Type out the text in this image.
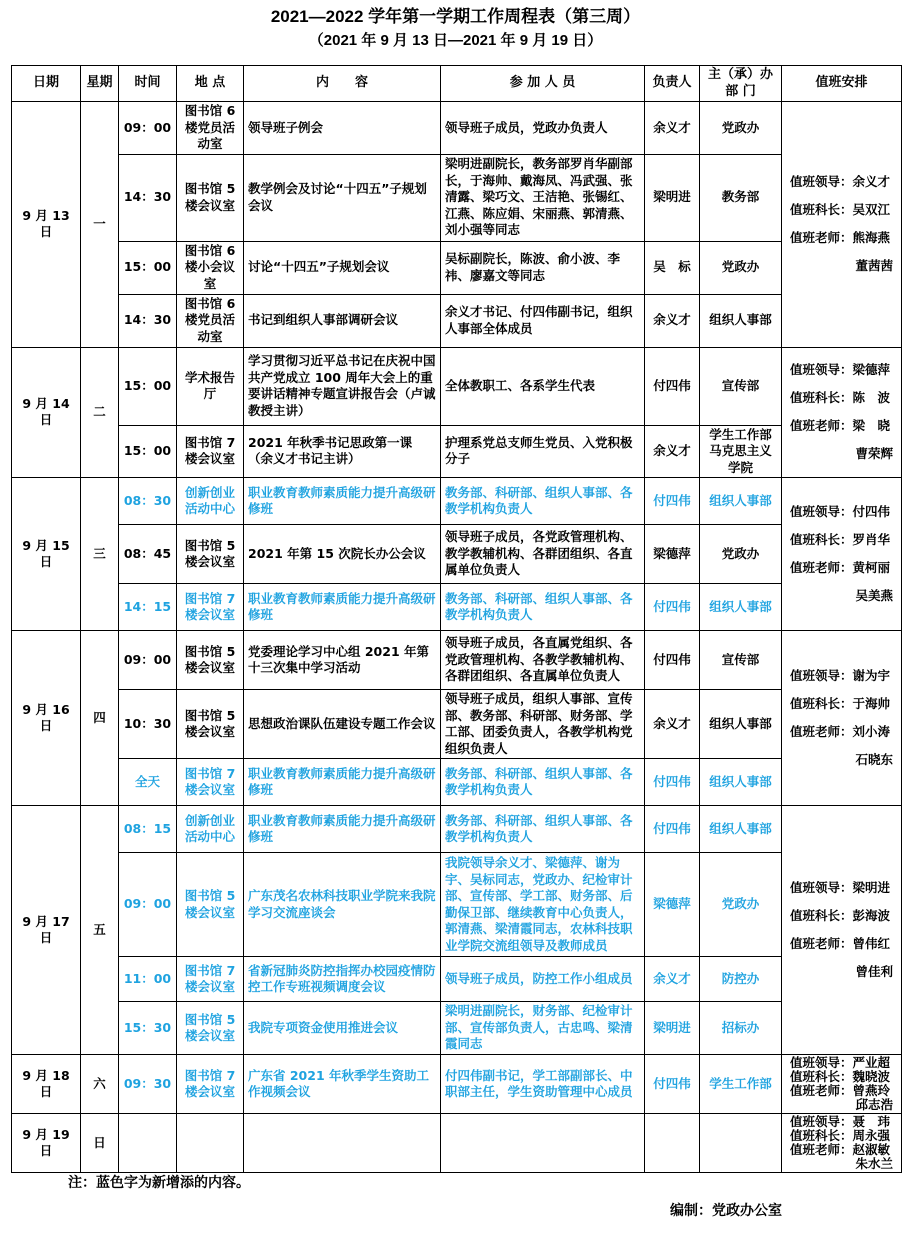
2021—2022 学年第一学期工作周程表（第三周）
（2021 年 9 月 13 日—2021 年 9 月 19 日）
日期	星期	时间	地 点	内　　容	参 加 人 员	负责人	主（承）办部 门	值班安排
9 月 13 日	一	09：00	图书馆 6 楼党员活动室	领导班子例会	领导班子成员，党政办负责人	余义才	党政办	值班领导：余义才
值班科长：吴双江
值班老师：熊海燕
董茜茜

		14：30	图书馆 5 楼会议室	教学例会及讨论“十四五”子规划会议	梁明进副院长，教务部罗肖华副部长，于海帅、戴海凤、冯武强、张清露、梁巧文、王洁艳、张锡红、江燕、陈应娟、宋丽燕、郭清燕、刘小强等同志	梁明进	教务部	
		15：00	图书馆 6 楼小会议室	讨论“十四五”子规划会议	吴标副院长，陈波、俞小波、李祎、廖嘉文等同志	吴　标	党政办	
		14：30	图书馆 6 楼党员活动室	书记到组织人事部调研会议	余义才书记、付四伟副书记，组织人事部全体成员	余义才	组织人事部	
9 月 14 日	二	15：00	学术报告厅	学习贯彻习近平总书记在庆祝中国共产党成立 100 周年大会上的重要讲话精神专题宣讲报告会（卢诚教授主讲）	全体教职工、各系学生代表	付四伟	宣传部	值班领导：梁德萍
值班科长：陈　波
值班老师：梁　晓
曹荣辉

		15：00	图书馆 7 楼会议室	2021 年秋季书记思政第一课（余义才书记主讲）	护理系党总支师生党员、入党积极分子	余义才	学生工作部 马克思主义学院	
9 月 15 日	三	08：30	创新创业活动中心	职业教育教师素质能力提升高级研修班	教务部、科研部、组织人事部、各教学机构负责人	付四伟	组织人事部	值班领导：付四伟
值班科长：罗肖华
值班老师：黄柯丽
吴美燕

		08：45	图书馆 5 楼会议室	2021 年第 15 次院长办公会议	领导班子成员，各党政管理机构、教学教辅机构、各群团组织、各直属单位负责人	梁德萍	党政办	
		14：15	图书馆 7 楼会议室	职业教育教师素质能力提升高级研修班	教务部、科研部、组织人事部、各教学机构负责人	付四伟	组织人事部	
9 月 16 日	四	09：00	图书馆 5 楼会议室	党委理论学习中心组 2021 年第十三次集中学习活动	领导班子成员，各直属党组织、各党政管理机构、各教学教辅机构、各群团组织、各直属单位负责人	付四伟	宣传部	值班领导：谢为宇
值班科长：于海帅
值班老师：刘小涛
石晓东

		10：30	图书馆 5 楼会议室	思想政治课队伍建设专题工作会议	领导班子成员，组织人事部、宣传部、教务部、科研部、财务部、学工部、团委负责人，各教学机构党组织负责人	余义才	组织人事部	
		全天	图书馆 7 楼会议室	职业教育教师素质能力提升高级研修班	教务部、科研部、组织人事部、各教学机构负责人	付四伟	组织人事部	
9 月 17 日	五	08：15	创新创业活动中心	职业教育教师素质能力提升高级研修班	教务部、科研部、组织人事部、各教学机构负责人	付四伟	组织人事部	值班领导：梁明进
值班科长：彭海波
值班老师：曾伟红
曾佳利

		09：00	图书馆 5 楼会议室	广东茂名农林科技职业学院来我院学习交流座谈会	我院领导余义才、梁德萍、谢为宇、吴标同志，党政办、纪检审计部、宣传部、学工部、财务部、后勤保卫部、继续教育中心负责人，郭清燕、梁清霞同志，农林科技职业学院交流组领导及教师成员	梁德萍	党政办	
		11：00	图书馆 7 楼会议室	省新冠肺炎防控指挥办校园疫情防控工作专班视频调度会议	领导班子成员，防控工作小组成员	余义才	防控办	
		15：30	图书馆 5 楼会议室	我院专项资金使用推进会议	梁明进副院长，财务部、纪检审计部、宣传部负责人，古忠鸣、梁清霞同志	梁明进	招标办	
9 月 18 日	六	09：30	图书馆 7 楼会议室	广东省 2021 年秋季学生资助工作视频会议	付四伟副书记，学工部副部长、中职部主任，学生资助管理中心成员	付四伟	学生工作部	值班领导：严业超
值班科长：魏晓波
值班老师：曾燕玲
邱志浩

9 月 19 日	日							值班领导：聂　玮
值班科长：周永强
值班老师：赵淑敏
朱水兰
注：蓝色字为新增添的内容。
编制：党政办公室
